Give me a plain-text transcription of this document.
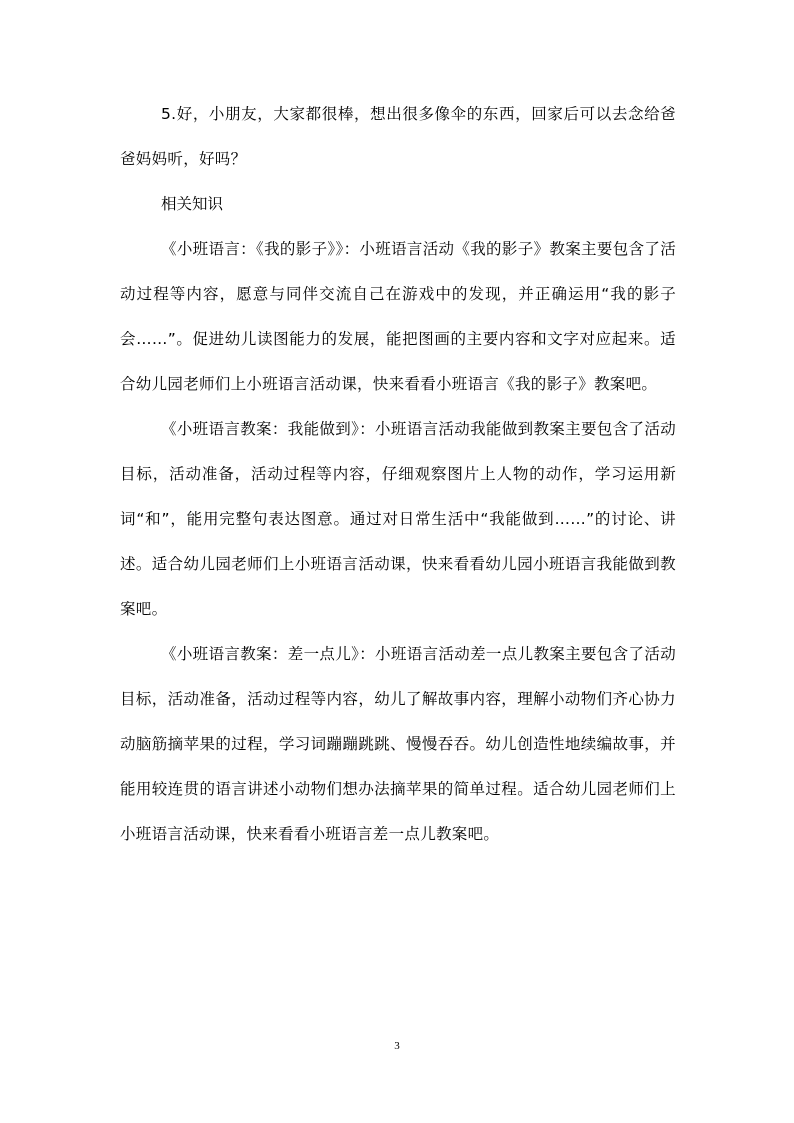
5.好，小朋友，大家都很棒，想出很多像伞的东西，回家后可以去念给爸爸妈妈听，好吗？

相关知识

《小班语言：《我的影子》》：小班语言活动《我的影子》教案主要包含了活动过程等内容，愿意与同伴交流自己在游戏中的发现，并正确运用“我的影子会……”。促进幼儿读图能力的发展，能把图画的主要内容和文字对应起来。适合幼儿园老师们上小班语言活动课，快来看看小班语言《我的影子》教案吧。

《小班语言教案：我能做到》：小班语言活动我能做到教案主要包含了活动目标，活动准备，活动过程等内容，仔细观察图片上人物的动作，学习运用新词“和”，能用完整句表达图意。通过对日常生活中“我能做到……”的讨论、讲述。适合幼儿园老师们上小班语言活动课，快来看看幼儿园小班语言我能做到教案吧。

《小班语言教案：差一点儿》：小班语言活动差一点儿教案主要包含了活动目标，活动准备，活动过程等内容，幼儿了解故事内容，理解小动物们齐心协力动脑筋摘苹果的过程，学习词蹦蹦跳跳、慢慢吞吞。幼儿创造性地续编故事，并能用较连贯的语言讲述小动物们想办法摘苹果的简单过程。适合幼儿园老师们上小班语言活动课，快来看看小班语言差一点儿教案吧。

3
